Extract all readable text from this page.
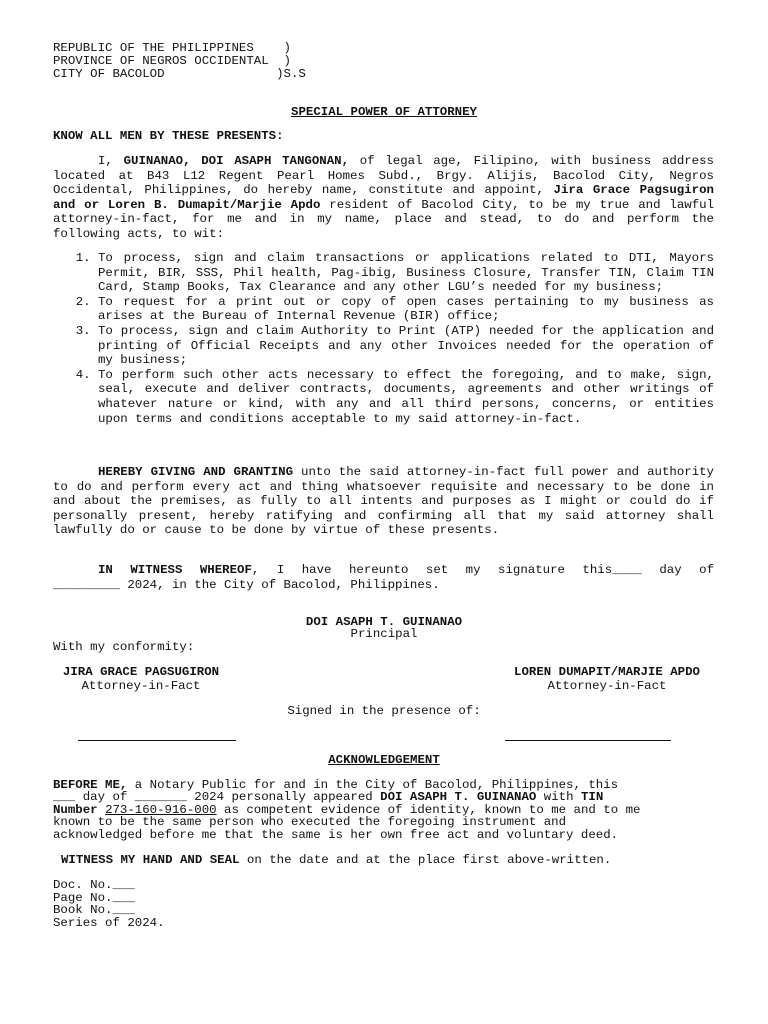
REPUBLIC OF THE PHILIPPINES    )
PROVINCE OF NEGROS OCCIDENTAL  )
CITY OF BACOLOD               )S.S
SPECIAL POWER OF ATTORNEY
KNOW ALL MEN BY THESE PRESENTS:
I, GUINANAO, DOI ASAPH TANGONAN, of legal age, Filipino, with business address located at B43 L12 Regent Pearl Homes Subd., Brgy. Alijis, Bacolod City, Negros Occidental, Philippines, do hereby name, constitute and appoint, Jira Grace Pagsugiron and or Loren B. Dumapit/Marjie Apdo resident of Bacolod City, to be my true and lawful attorney-in-fact, for me and in my name, place and stead, to do and perform the following acts, to wit:
1. To process, sign and claim transactions or applications related to DTI, Mayors Permit, BIR, SSS, Phil health, Pag-ibig, Business Closure, Transfer TIN, Claim TIN Card, Stamp Books, Tax Clearance and any other LGU’s needed for my business;
2. To request for a print out or copy of open cases pertaining to my business as arises at the Bureau of Internal Revenue (BIR) office;
3. To process, sign and claim Authority to Print (ATP) needed for the application and printing of Official Receipts and any other Invoices needed for the operation of my business;
4. To perform such other acts necessary to effect the foregoing, and to make, sign, seal, execute and deliver contracts, documents, agreements and other writings of whatever nature or kind, with any and all third persons, concerns, or entities upon terms and conditions acceptable to my said attorney-in-fact.
HEREBY GIVING AND GRANTING unto the said attorney-in-fact full power and authority to do and perform every act and thing whatsoever requisite and necessary to be done in and about the premises, as fully to all intents and purposes as I might or could do if personally present, hereby ratifying and confirming all that my said attorney shall lawfully do or cause to be done by virtue of these presents.
IN WITNESS WHEREOF, I have hereunto set my signature this____ day of
_________ 2024, in the City of Bacolod, Philippines.
DOI ASAPH T. GUINANAO
Principal
With my conformity:
JIRA GRACE PAGSUGIRON
Attorney-in-Fact
LOREN DUMAPIT/MARJIE APDO
Attorney-in-Fact
Signed in the presence of:
ACKNOWLEDGEMENT
BEFORE ME, a Notary Public for and in the City of Bacolod, Philippines, this
___ day of _______ 2024 personally appeared DOI ASAPH T. GUINANAO with TIN
Number 273-160-916-000 as competent evidence of identity, known to me and to me
known to be the same person who executed the foregoing instrument and
acknowledged before me that the same is her own free act and voluntary deed.
WITNESS MY HAND AND SEAL on the date and at the place first above-written.
Doc. No.___
Page No.___
Book No.___
Series of 2024.
